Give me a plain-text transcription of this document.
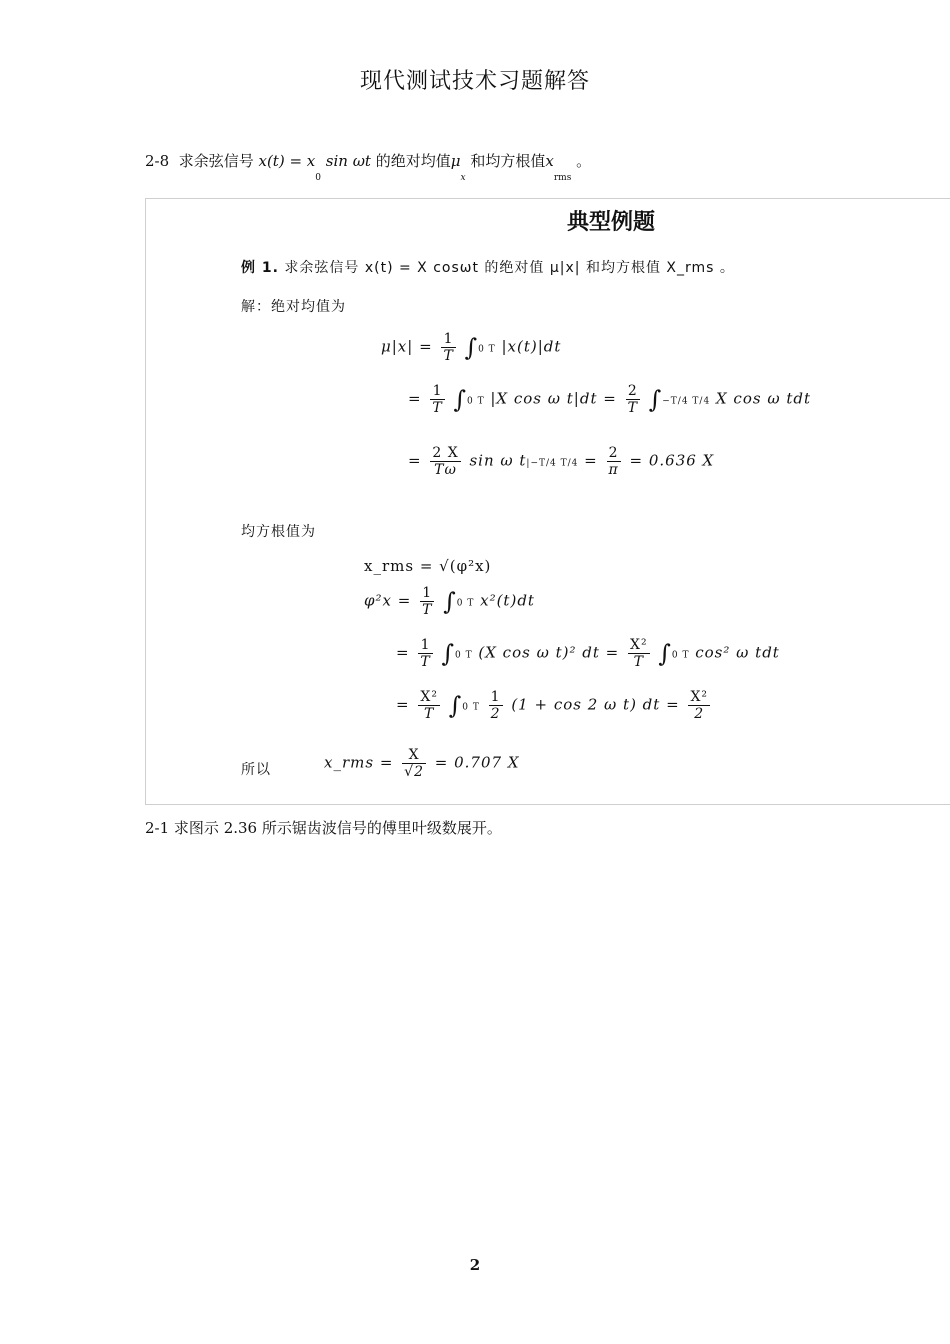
现代测试技术习题解答
2-8 求余弦信号 $x(t) = x_0$ sin ωt 的绝对均值$\mu_x$ 和均方根值$x_{rms}$ 。
典型例题
例 1. 求余弦信号 x(t) = X cosωt 的绝对值 μ|x| 和均方根值 X_rms 。
解：绝对均值为
$\mu|x| = \frac{1}{T} \int 0$ T |x(t)|dt
= $\frac{1}{T} \int 0$ T |X cos ω $t|dt = \frac{2}{T} \int-T/4$ T/4 X cos ω tdt
= $\frac{2 X}{T\omega}$ sin ω t|−T/4 $T/4 = \frac{2}{\pi} = 0.636$ X
均方根值为
x_rms = √(φ²x)
$\varphi^2x = \frac{1}{T} \int 0$ T x²(t)dt
= $\frac{1}{T} \int 0$ T (X cos ω t)² dt = $\frac{\text{X²}}{T} \int 0$ T cos² ω tdt
= $\frac{\text{X²}}{T} \int 0$ T $\frac{1}{2} (1 + \cos 2$ ω t) dt = $\frac{\text{X²}}{2}$
所以	x_rms = $\frac{X}{√2} = 0.707$ X
2-1 求图示 2.36 所示锯齿波信号的傅里叶级数展开。
2
